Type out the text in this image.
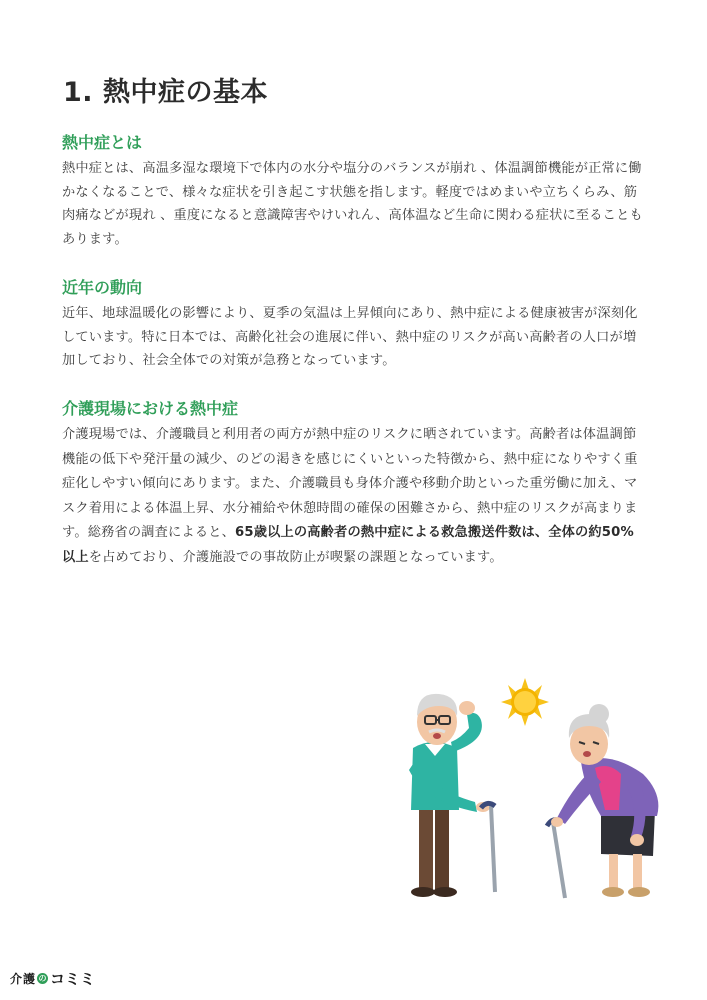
1. 熱中症の基本
熱中症とは

熱中症とは、高温多湿な環境下で体内の水分や塩分のバランスが崩れ 、体温調節機能が正常に働かなくなることで、様々な症状を引き起こす状態を指します。軽度ではめまいや立ちくらみ、筋肉痛などが現れ 、重度になると意識障害やけいれん、高体温など生命に関わる症状に至ることもあります。

近年の動向

近年、地球温暖化の影響により、夏季の気温は上昇傾向にあり、熱中症による健康被害が深刻化しています。特に日本では、高齢化社会の進展に伴い、熱中症のリスクが高い高齢者の人口が増加しており、社会全体での対策が急務となっています。

介護現場における熱中症

介護現場では、介護職員と利用者の両方が熱中症のリスクに晒されています。高齢者は体温調節機能の低下や発汗量の減少、のどの渇きを感じにくいといった特徴から、熱中症になりやすく重症化しやすい傾向にあります。また、介護職員も身体介護や移動介助といった重労働に加え、マスク着用による体温上昇、水分補給や休憩時間の確保の困難さから、熱中症のリスクが高まります。総務省の調査によると、65歳以上の高齢者の熱中症による救急搬送件数は、全体の約50%以上を占めており、介護施設での事故防止が喫緊の課題となっています。

介 護 の コミミ
